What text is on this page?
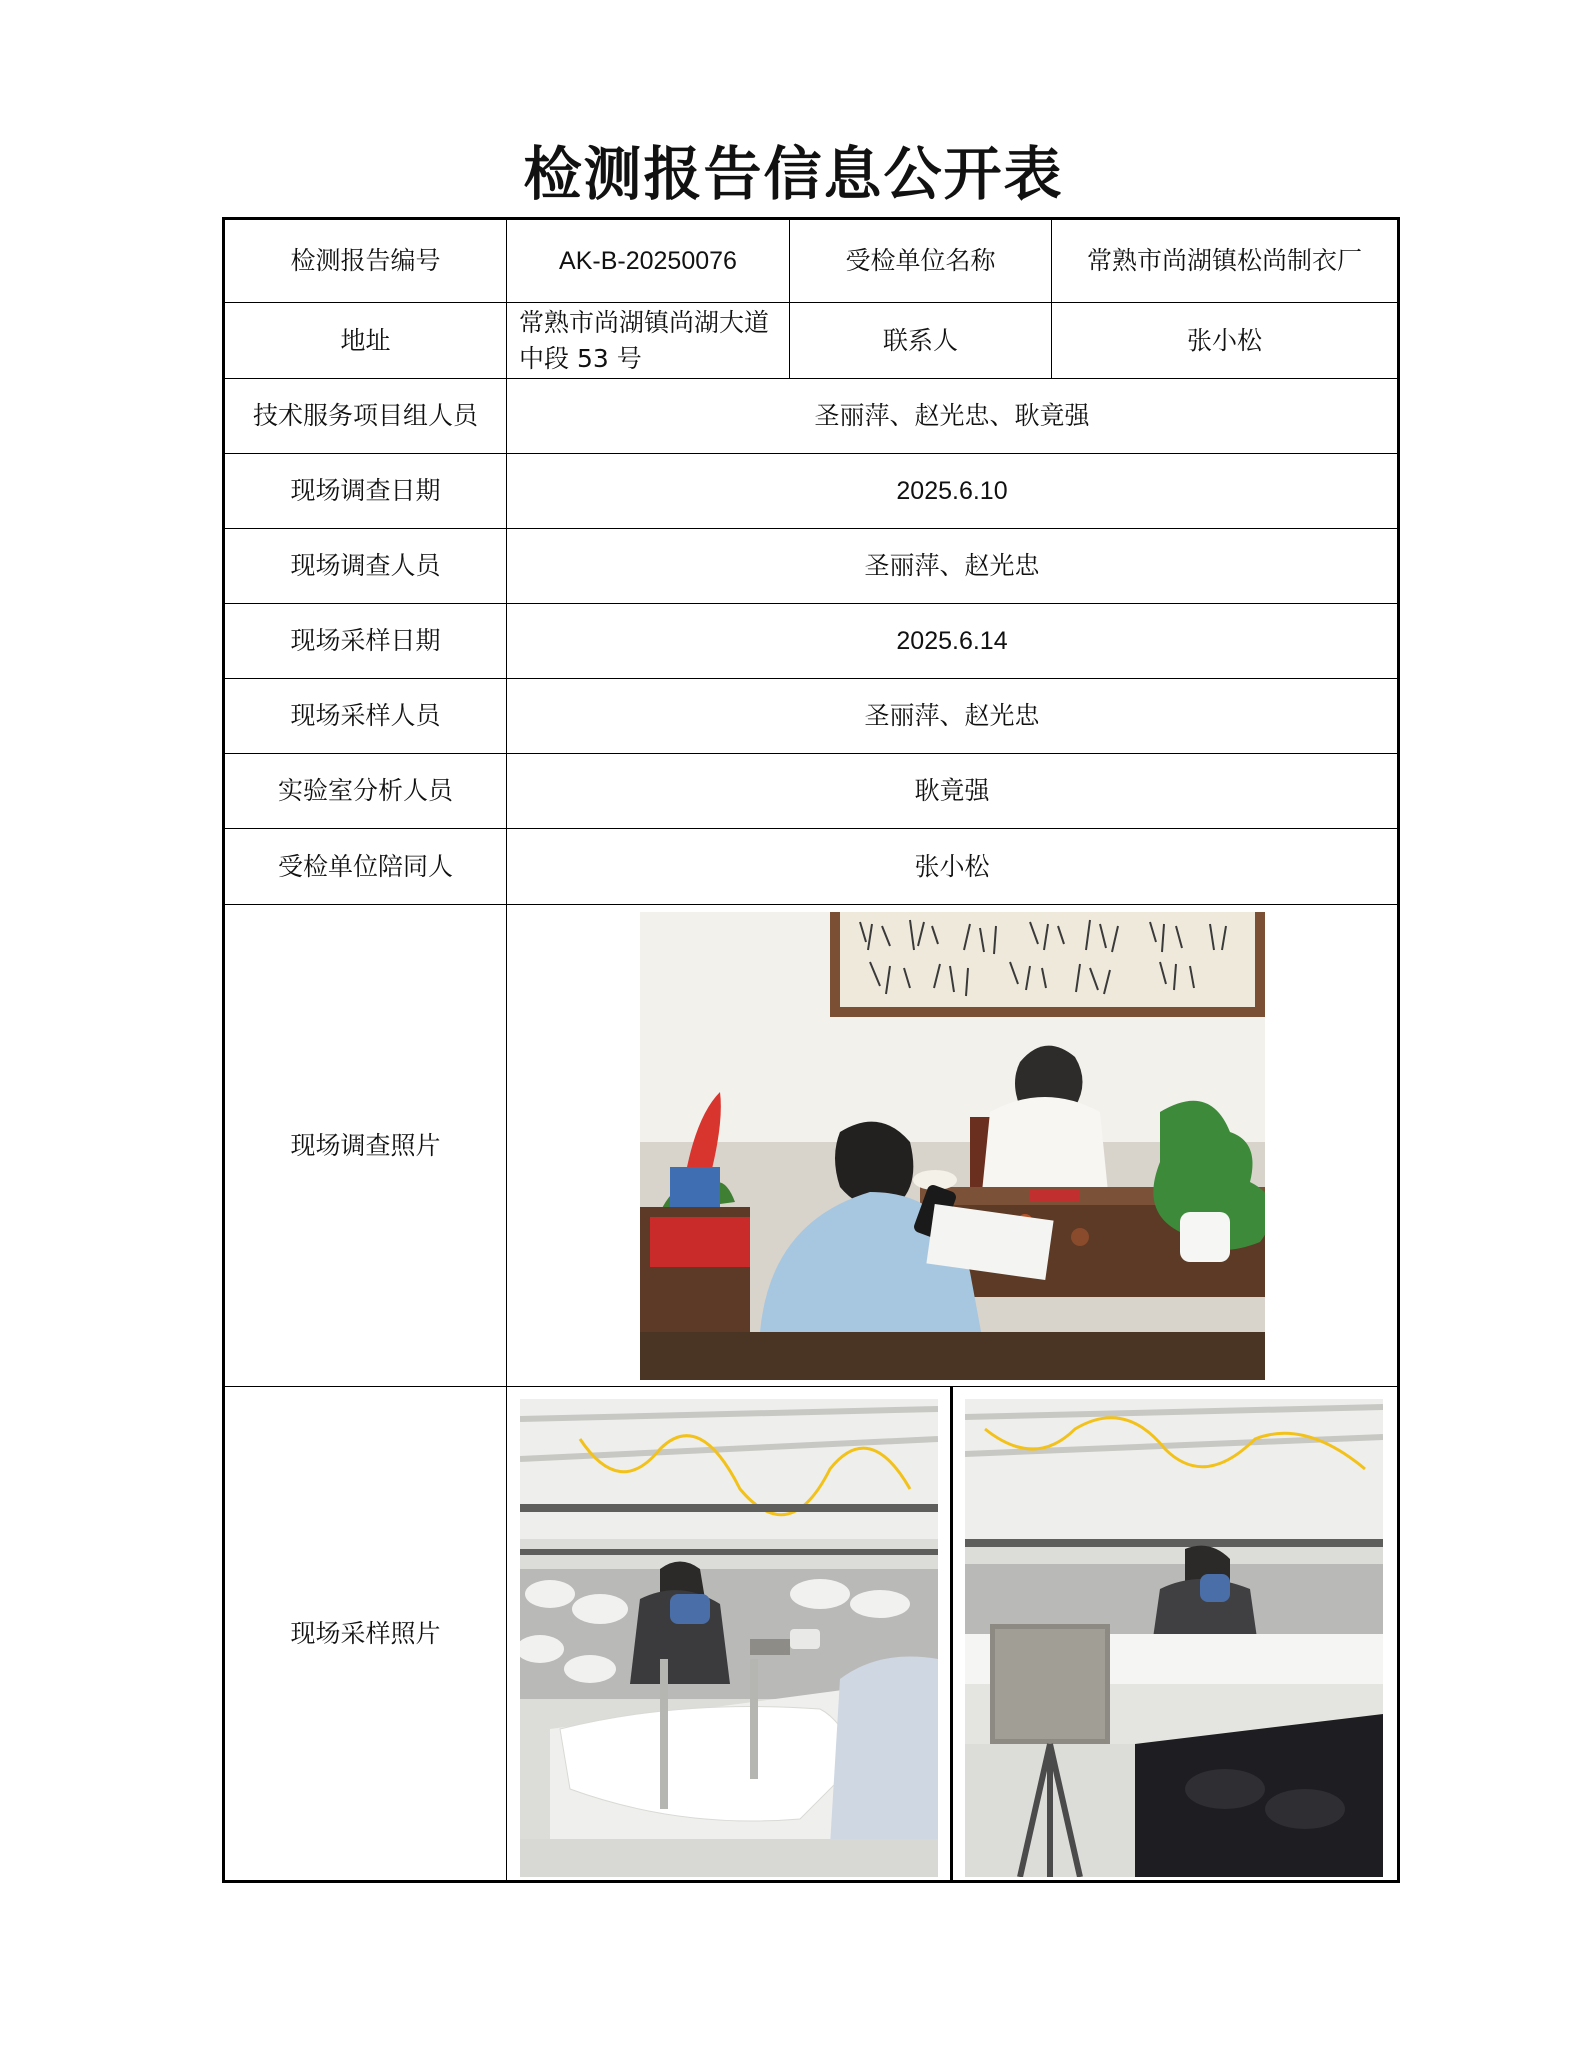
检测报告信息公开表
检测报告编号	AK-B-20250076	受检单位名称	常熟市尚湖镇松尚制衣厂
地址	常熟市尚湖镇尚湖大道中段 53 号	联系人	张小松
技术服务项目组人员	圣丽萍、赵光忠、耿竟强		
现场调查日期	2025.6.10		
现场调查人员	圣丽萍、赵光忠		
现场采样日期	2025.6.14		
现场采样人员	圣丽萍、赵光忠		
实验室分析人员	耿竟强		
受检单位陪同人	张小松		
现场调查照片	

现场采样照片	
